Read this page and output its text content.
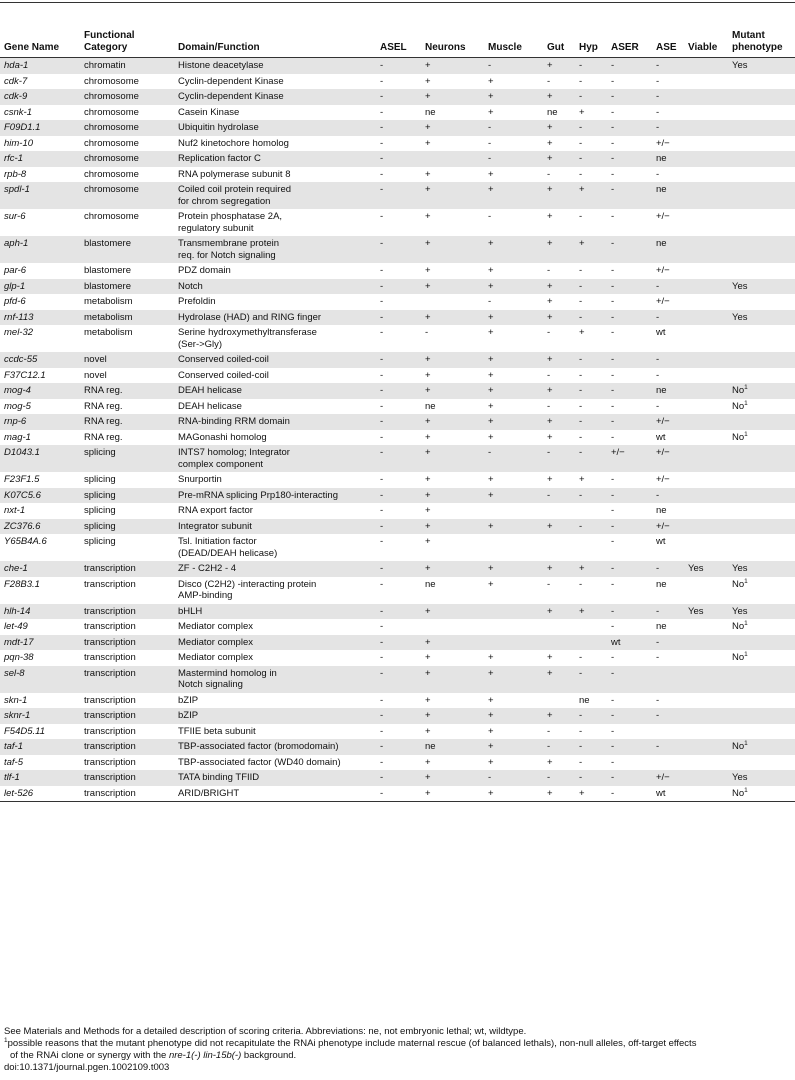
Gene Name	Functional Category	Domain/Function	ASEL	Neurons	Muscle	Gut	Hyp	ASER	ASE	Viable	Mutant phenotype
hda-1	chromatin	Histone deacetylase	-	+	-	+	-	-	-		Yes
cdk-7	chromosome	Cyclin-dependent Kinase	-	+	+	-	-	-	-		
cdk-9	chromosome	Cyclin-dependent Kinase	-	+	+	+	-	-	-		
csnk-1	chromosome	Casein Kinase	-	ne	+	ne	+	-	-		
F09D1.1	chromosome	Ubiquitin hydrolase	-	+	-	+	-	-	-		
him-10	chromosome	Nuf2 kinetochore homolog	-	+	-	+	-	-	+/−		
rfc-1	chromosome	Replication factor C	-		-	+	-	-	ne		
rpb-8	chromosome	RNA polymerase subunit 8	-	+	+	-	-	-	-		
spdl-1	chromosome	Coiled coil protein required
for chrom segregation	-	+	+	+	+	-	ne		
sur-6	chromosome	Protein phosphatase 2A,
regulatory subunit	-	+	-	+	-	-	+/−		
aph-1	blastomere	Transmembrane protein
req. for Notch signaling	-	+	+	+	+	-	ne		
par-6	blastomere	PDZ domain	-	+	+	-	-	-	+/−		
glp-1	blastomere	Notch	-	+	+	+	-	-	-		Yes
pfd-6	metabolism	Prefoldin	-		-	+	-	-	+/−		
rnf-113	metabolism	Hydrolase (HAD) and RING finger	-	+	+	+	-	-	-		Yes
mel-32	metabolism	Serine hydroxymethyltransferase
(Ser->Gly)	-	-	+	-	+	-	wt		
ccdc-55	novel	Conserved coiled-coil	-	+	+	+	-	-	-		
F37C12.1	novel	Conserved coiled-coil	-	+	+	-	-	-	-		
mog-4	RNA reg.	DEAH helicase	-	+	+	+	-	-	ne		No$^1$
mog-5	RNA reg.	DEAH helicase	-	ne	+	-	-	-	-		No$^1$
rnp-6	RNA reg.	RNA-binding RRM domain	-	+	+	+	-	-	+/−		
mag-1	RNA reg.	MAGonashi homolog	-	+	+	+	-	-	wt		No$^1$
D1043.1	splicing	INTS7 homolog; Integrator
complex component	-	+	-	-	-	+/−	+/−		
F23F1.5	splicing	Snurportin	-	+	+	+	+	-	+/−		
K07C5.6	splicing	Pre-mRNA splicing Prp180-interacting	-	+	+	-	-	-	-		
nxt-1	splicing	RNA export factor	-	+				-	ne		
ZC376.6	splicing	Integrator subunit	-	+	+	+	-	-	+/−		
Y65B4A.6	splicing	Tsl. Initiation factor
(DEAD/DEAH helicase)	-	+				-	wt		
che-1	transcription	ZF - C2H2 - 4	-	+	+	+	+	-	-	Yes	Yes
F28B3.1	transcription	Disco (C2H2) -interacting protein
AMP-binding	-	ne	+	-	-	-	ne		No$^1$
hlh-14	transcription	bHLH	-	+		+	+	-	-	Yes	Yes
let-49	transcription	Mediator complex	-					-	ne		No$^1$
mdt-17	transcription	Mediator complex	-	+				wt	-		
pqn-38	transcription	Mediator complex	-	+	+	+	-	-	-		No$^1$
sel-8	transcription	Mastermind homolog in
Notch signaling	-	+	+	+	-	-			
skn-1	transcription	bZIP	-	+	+		ne	-	-		
sknr-1	transcription	bZIP	-	+	+	+	-	-	-		
F54D5.11	transcription	TFIIE beta subunit	-	+	+	-	-	-			
taf-1	transcription	TBP-associated factor (bromodomain)	-	ne	+	-	-	-	-		No$^1$
taf-5	transcription	TBP-associated factor (WD40 domain)	-	+	+	+	-	-			
tlf-1	transcription	TATA binding TFIID	-	+	-	-	-	-	+/−		Yes
let-526	transcription	ARID/BRIGHT	-	+	+	+	+	-	wt		No$^1$

See Materials and Methods for a detailed description of scoring criteria. Abbreviations: ne, not embryonic lethal; wt, wildtype.

$^1$possible reasons that the mutant phenotype did not recapitulate the RNAi phenotype include maternal rescue (of balanced lethals), non-null alleles, off-target effects

of the RNAi clone or synergy with the nre-1(-) lin-15b(-) background.

doi:10.1371/journal.pgen.1002109.t003
